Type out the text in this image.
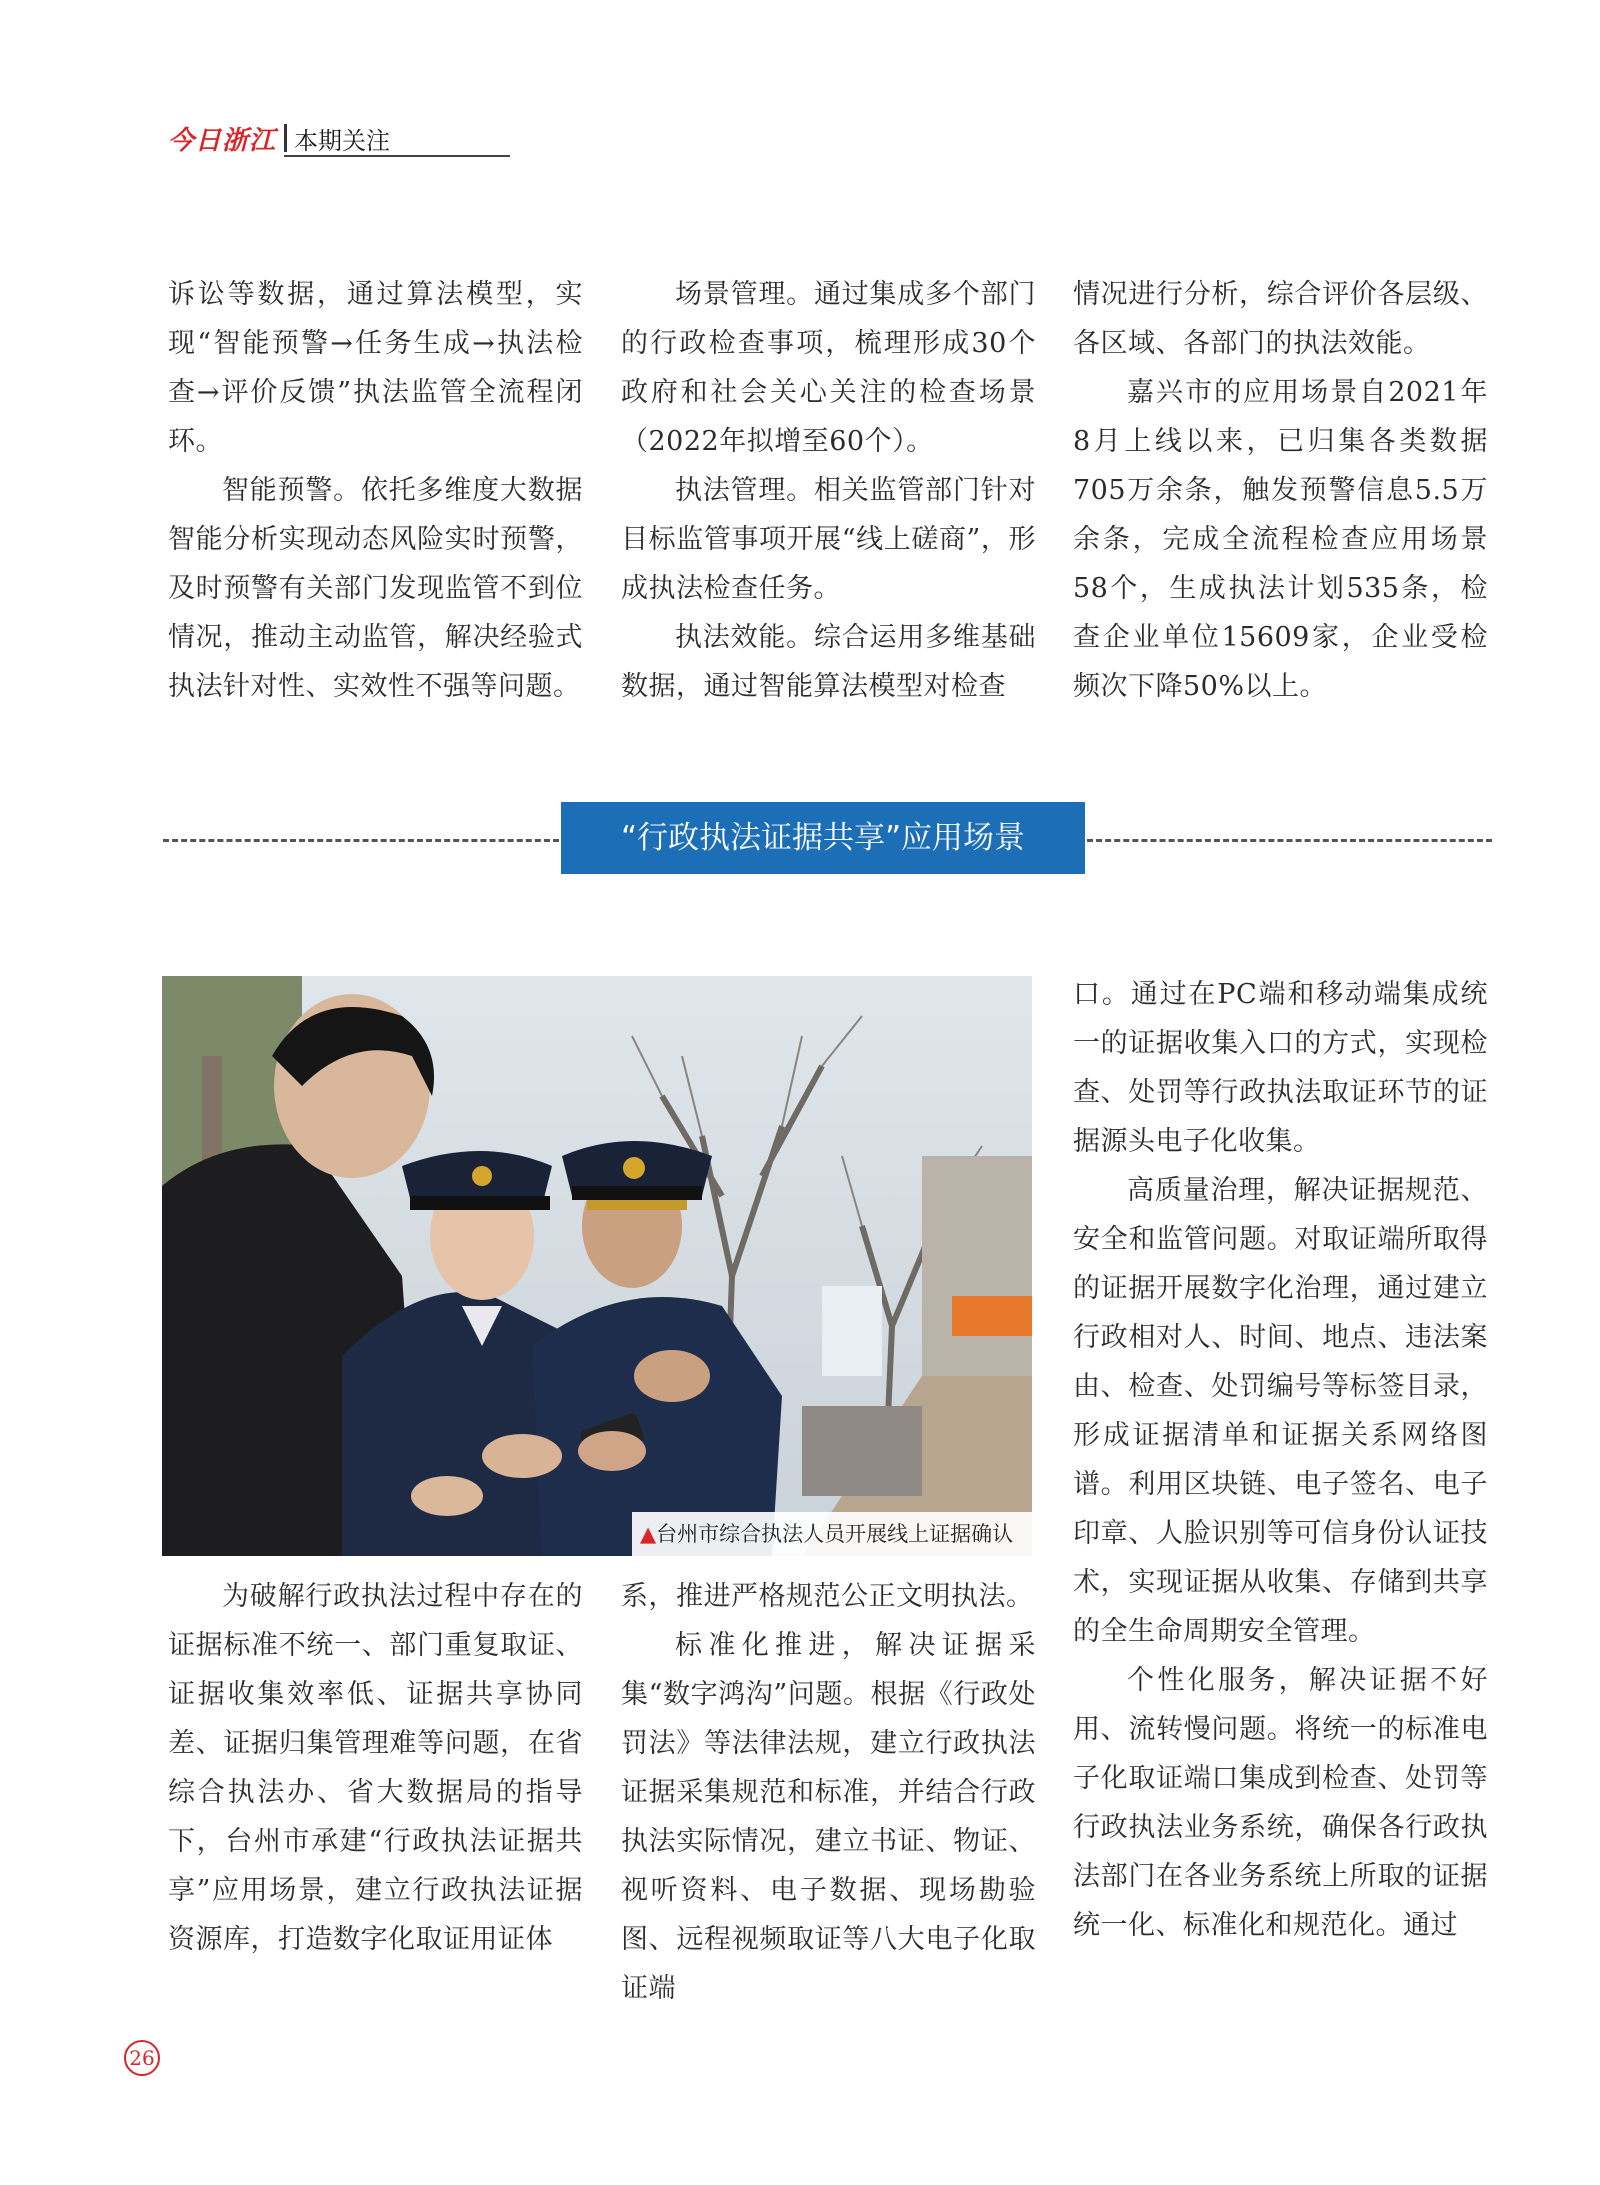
今日浙江 本期关注

诉讼等数据，通过算法模型，实现“智能预警→任务生成→执法检查→评价反馈”执法监管全流程闭环。

智能预警。依托多维度大数据智能分析实现动态风险实时预警，及时预警有关部门发现监管不到位情况，推动主动监管，解决经验式执法针对性、实效性不强等问题。

场景管理。通过集成多个部门的行政检查事项，梳理形成30个政府和社会关心关注的检查场景（2022年拟增至60个）。

执法管理。相关监管部门针对目标监管事项开展“线上磋商”，形成执法检查任务。

执法效能。综合运用多维基础数据，通过智能算法模型对检查

情况进行分析，综合评价各层级、各区域、各部门的执法效能。

嘉兴市的应用场景自2021年8月上线以来，已归集各类数据705万余条，触发预警信息5.5万余条，完成全流程检查应用场景58个，生成执法计划535条，检查企业单位15609家，企业受检频次下降50%以上。

“行政执法证据共享”应用场景
▲台州市综合执法人员开展线上证据确认

口。通过在PC端和移动端集成统一的证据收集入口的方式，实现检查、处罚等行政执法取证环节的证据源头电子化收集。

高质量治理，解决证据规范、安全和监管问题。对取证端所取得的证据开展数字化治理，通过建立行政相对人、时间、地点、违法案由、检查、处罚编号等标签目录，形成证据清单和证据关系网络图谱。利用区块链、电子签名、电子印章、人脸识别等可信身份认证技术，实现证据从收集、存储到共享的全生命周期安全管理。

个性化服务，解决证据不好用、流转慢问题。将统一的标准电子化取证端口集成到检查、处罚等行政执法业务系统，确保各行政执法部门在各业务系统上所取的证据统一化、标准化和规范化。通过

为破解行政执法过程中存在的证据标准不统一、部门重复取证、证据收集效率低、证据共享协同差、证据归集管理难等问题，在省综合执法办、省大数据局的指导下，台州市承建“行政执法证据共享”应用场景，建立行政执法证据资源库，打造数字化取证用证体

系，推进严格规范公正文明执法。

标准化推进，解决证据采集“数字鸿沟”问题。根据《行政处罚法》等法律法规，建立行政执法证据采集规范和标准，并结合行政执法实际情况，建立书证、物证、视听资料、电子数据、现场勘验图、远程视频取证等八大电子化取证端

26
